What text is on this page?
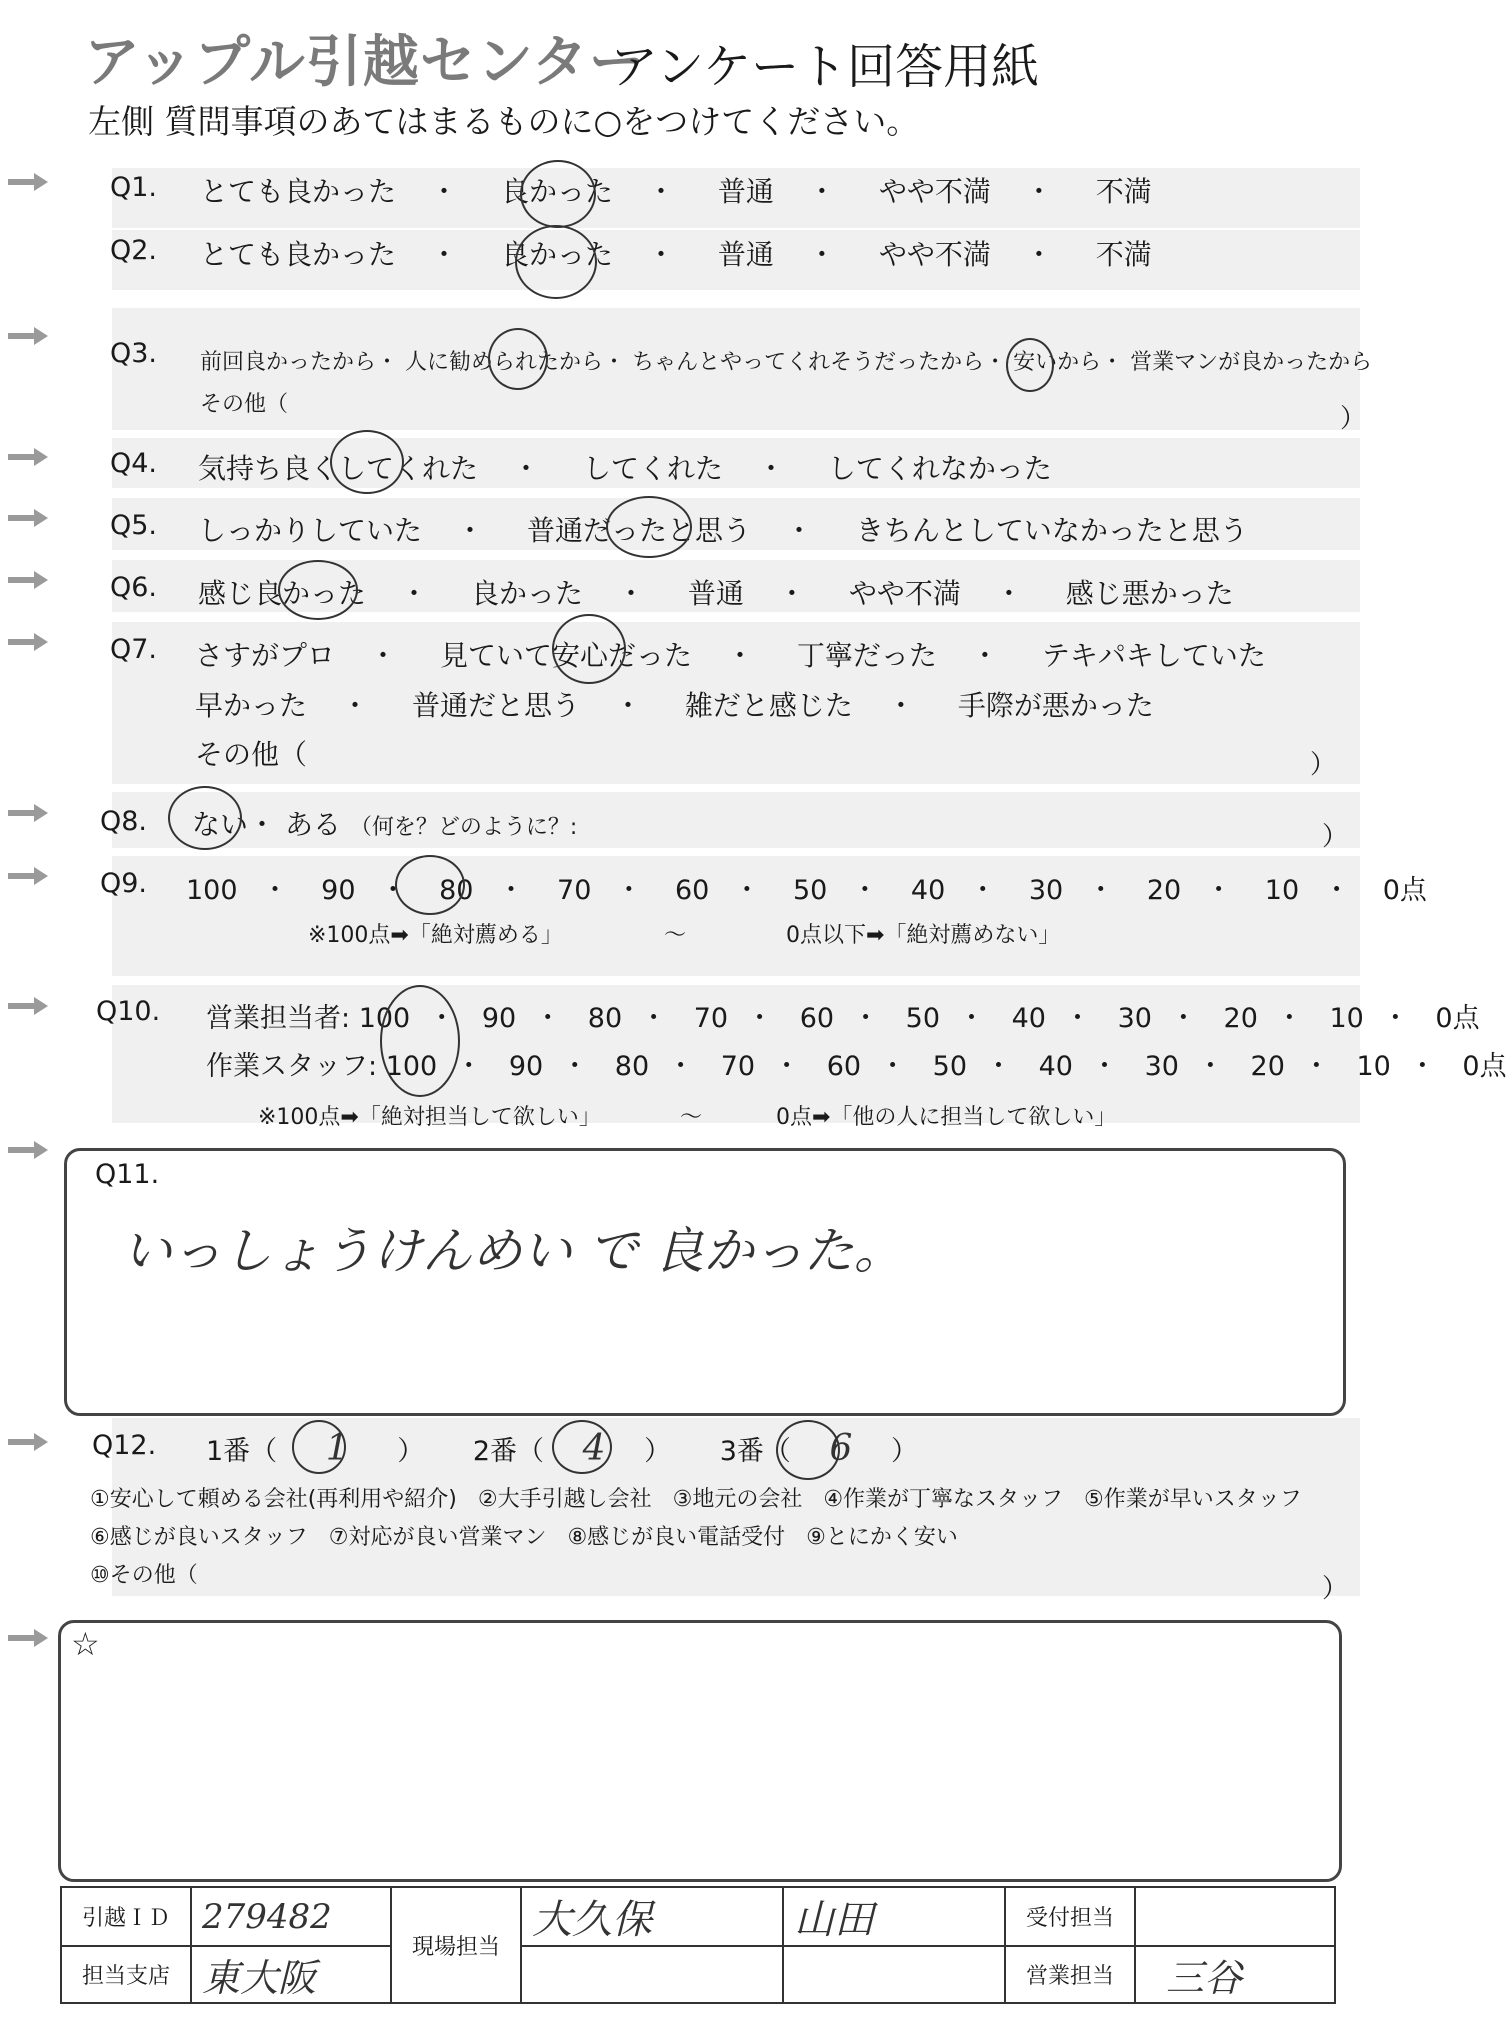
アップル引越センター
アンケート回答用紙
左側 質問事項のあてはまるものに○をつけてください。
Q1. とても良かった ・ 良かった ・ 普通 ・ やや不満 ・ 不満
Q2. とても良かった ・ 良かった ・ 普通 ・ やや不満 ・ 不満
Q3. 前回良かったから・ 人に勧められたから・ ちゃんとやってくれそうだったから・ 安いから・ 営業マンが良かったから
その他（	）
Q4. 気持ち良くしてくれた ・ してくれた ・ してくれなかった
Q5. しっかりしていた ・ 普通だったと思う ・ きちんとしていなかったと思う
Q6. 感じ良かった ・ 良かった ・ 普通 ・ やや不満 ・ 感じ悪かった
Q7. さすがプロ ・ 見ていて安心だった ・ 丁寧だった ・ テキパキしていた
早かった ・ 普通だと思う ・ 雑だと感じた ・ 手際が悪かった
その他（	）
Q8. ない・ ある （何を？どのように？:	）
Q9. 100 ・ 90 ・ 80 ・ 70 ・ 60 ・ 50 ・ 40 ・ 30 ・ 20 ・ 10 ・ 0点
※100点➡「絶対薦める」	～	0点以下➡「絶対薦めない」
Q10. 営業担当者: 100 ・ 90 ・ 80 ・ 70 ・ 60 ・ 50 ・ 40 ・ 30 ・ 20 ・ 10 ・ 0点
作業スタッフ: 100 ・ 90 ・ 80 ・ 70 ・ 60 ・ 50 ・ 40 ・ 30 ・ 20 ・ 10 ・ 0点
※100点➡「絶対担当して欲しい」	～	0点➡「他の人に担当して欲しい」
Q11.
いっしょうけんめい で 良かった。
Q12. 1番（ 1 ） 2番（ 4 ） 3番（ 6 ）
①安心して頼める会社(再利用や紹介) ②大手引越し会社 ③地元の会社 ④作業が丁寧なスタッフ ⑤作業が早いスタッフ
⑥感じが良いスタッフ ⑦対応が良い営業マン ⑧感じが良い電話受付 ⑨とにかく安い
⑩その他（	）
☆
引越ＩＤ	279482	現場担当	大久保	山田	受付担当	
担当支店	東大阪				営業担当	三谷
